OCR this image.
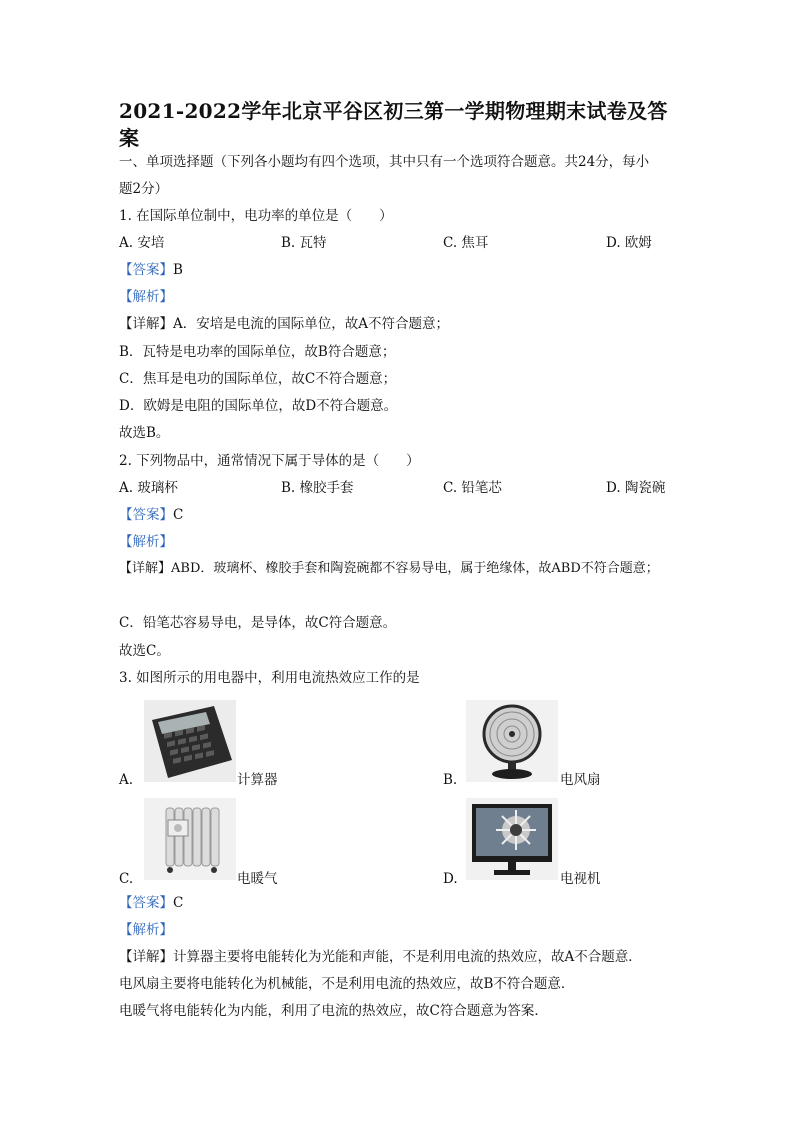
2021-2022学年北京平谷区初三第一学期物理期末试卷及答案
一、单项选择题（下列各小题均有四个选项，其中只有一个选项符合题意。共24分，每小
题2分）
1. 在国际单位制中，电功率的单位是（　　）
A. 安培	B. 瓦特	C. 焦耳	D. 欧姆
【答案】B
【解析】
【详解】A．安培是电流的国际单位，故A不符合题意；
B．瓦特是电功率的国际单位，故B符合题意；
C．焦耳是电功的国际单位，故C不符合题意；
D．欧姆是电阻的国际单位，故D不符合题意。
故选B。
2. 下列物品中，通常情况下属于导体的是（　　）
A. 玻璃杯	B. 橡胶手套	C. 铅笔芯	D. 陶瓷碗
【答案】C
【解析】
【详解】ABD．玻璃杯、橡胶手套和陶瓷碗都不容易导电，属于绝缘体，故ABD不符合题意；
C．铅笔芯容易导电，是导体，故C符合题意。
故选C。
3. 如图所示的用电器中，利用电流热效应工作的是
A.	计算器	B.	电风扇
C.	电暖气	D.	电视机
【答案】C
【解析】
【详解】计算器主要将电能转化为光能和声能，不是利用电流的热效应，故A不合题意．
电风扇主要将电能转化为机械能，不是利用电流的热效应，故B不符合题意．
电暖气将电能转化为内能，利用了电流的热效应，故C符合题意为答案．
